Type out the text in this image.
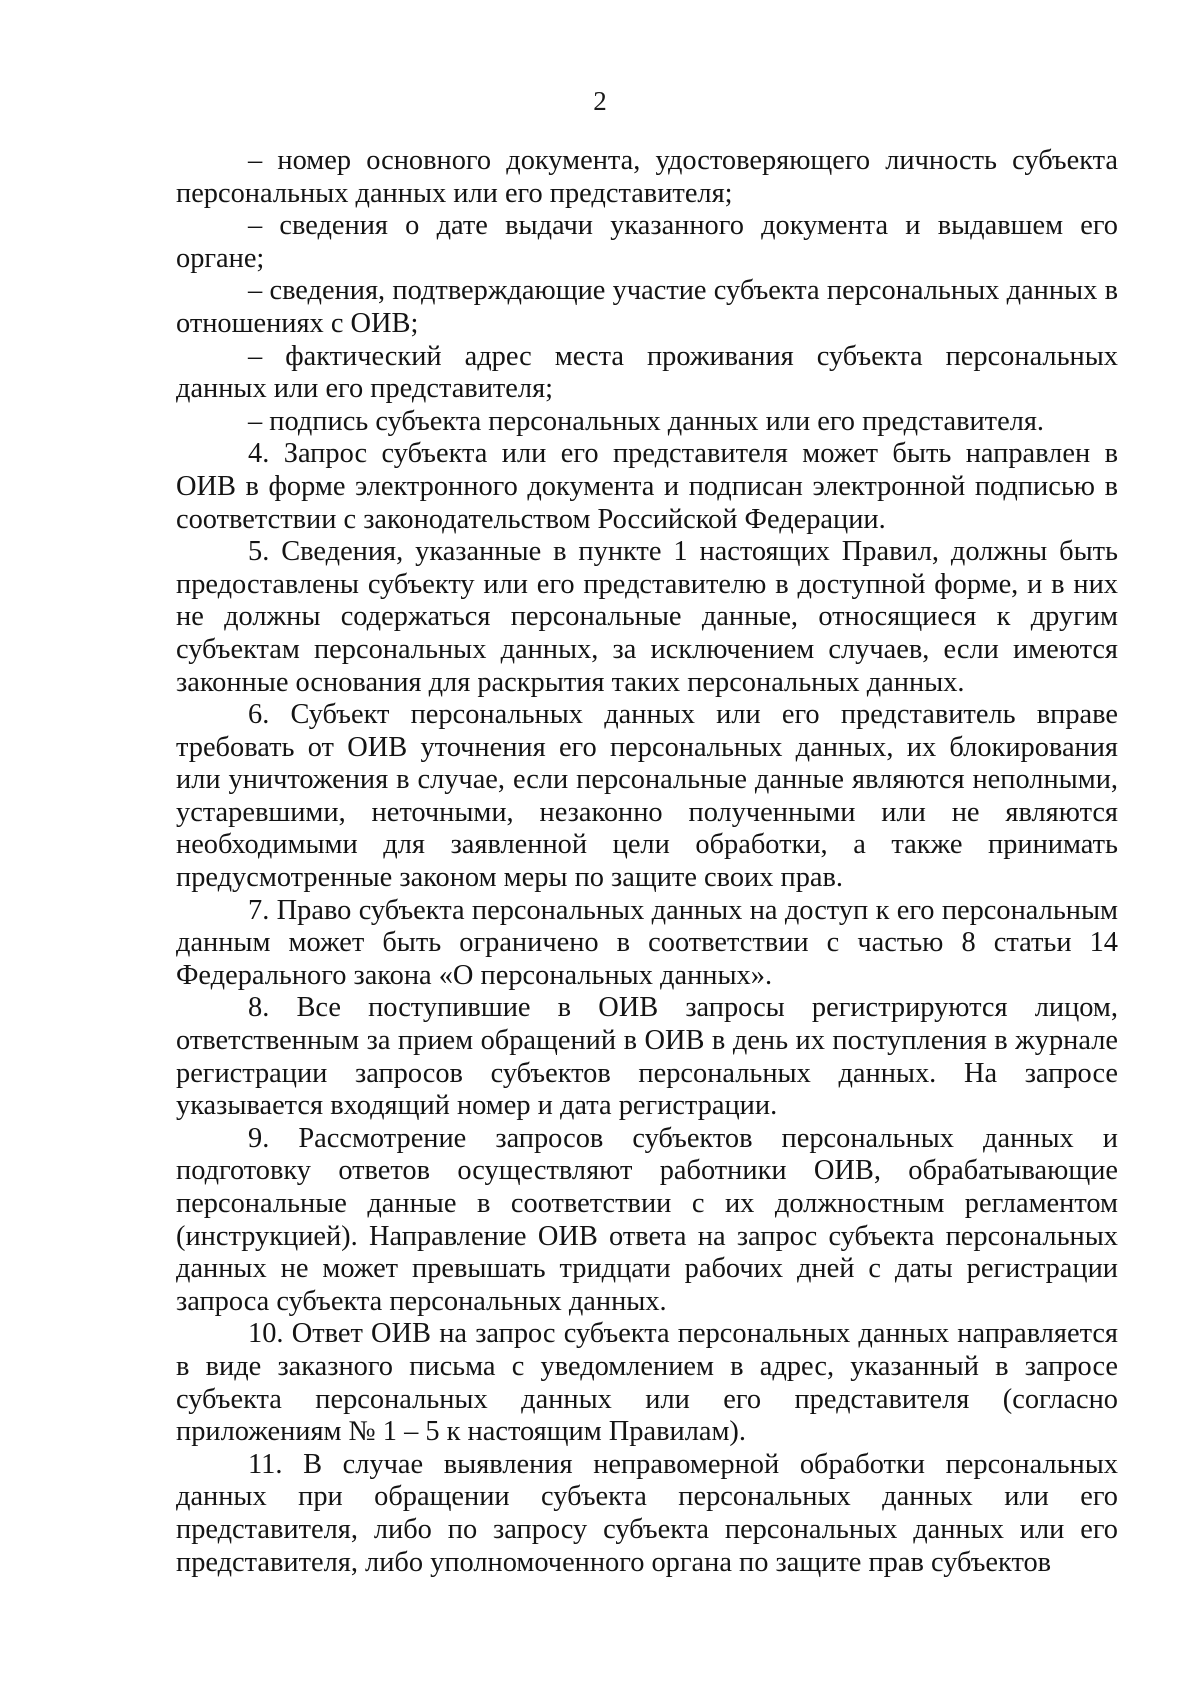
2

– номер основного документа, удостоверяющего личность субъекта персональных данных или его представителя;

– сведения о дате выдачи указанного документа и выдавшем его органе;

– сведения, подтверждающие участие субъекта персональных данных в отношениях с ОИВ;

– фактический адрес места проживания субъекта персональных данных или его представителя;

– подпись субъекта персональных данных или его представителя.

4. Запрос субъекта или его представителя может быть направлен в ОИВ в форме электронного документа и подписан электронной подписью в соответствии с законодательством Российской Федерации.

5. Сведения, указанные в пункте 1 настоящих Правил, должны быть предоставлены субъекту или его представителю в доступной форме, и в них не должны содержаться персональные данные, относящиеся к другим субъектам персональных данных, за исключением случаев, если имеются законные основания для раскрытия таких персональных данных.

6. Субъект персональных данных или его представитель вправе требовать от ОИВ уточнения его персональных данных, их блокирования или уничтожения в случае, если персональные данные являются неполными, устаревшими, неточными, незаконно полученными или не являются необходимыми для заявленной цели обработки, а также принимать предусмотренные законом меры по защите своих прав.

7. Право субъекта персональных данных на доступ к его персональным данным может быть ограничено в соответствии с частью 8 статьи 14 Федерального закона «О персональных данных».

8. Все поступившие в ОИВ запросы регистрируются лицом, ответственным за прием обращений в ОИВ в день их поступления в журнале регистрации запросов субъектов персональных данных. На запросе указывается входящий номер и дата регистрации.

9. Рассмотрение запросов субъектов персональных данных и подготовку ответов осуществляют работники ОИВ, обрабатывающие персональные данные в соответствии с их должностным регламентом (инструкцией). Направление ОИВ ответа на запрос субъекта персональных данных не может превышать тридцати рабочих дней с даты регистрации запроса субъекта персональных данных.

10. Ответ ОИВ на запрос субъекта персональных данных направляется в виде заказного письма с уведомлением в адрес, указанный в запросе субъекта персональных данных или его представителя (согласно приложениям № 1 – 5 к настоящим Правилам).

11. В случае выявления неправомерной обработки персональных данных при обращении субъекта персональных данных или его представителя, либо по запросу субъекта персональных данных или его представителя, либо уполномоченного органа по защите прав субъектов
